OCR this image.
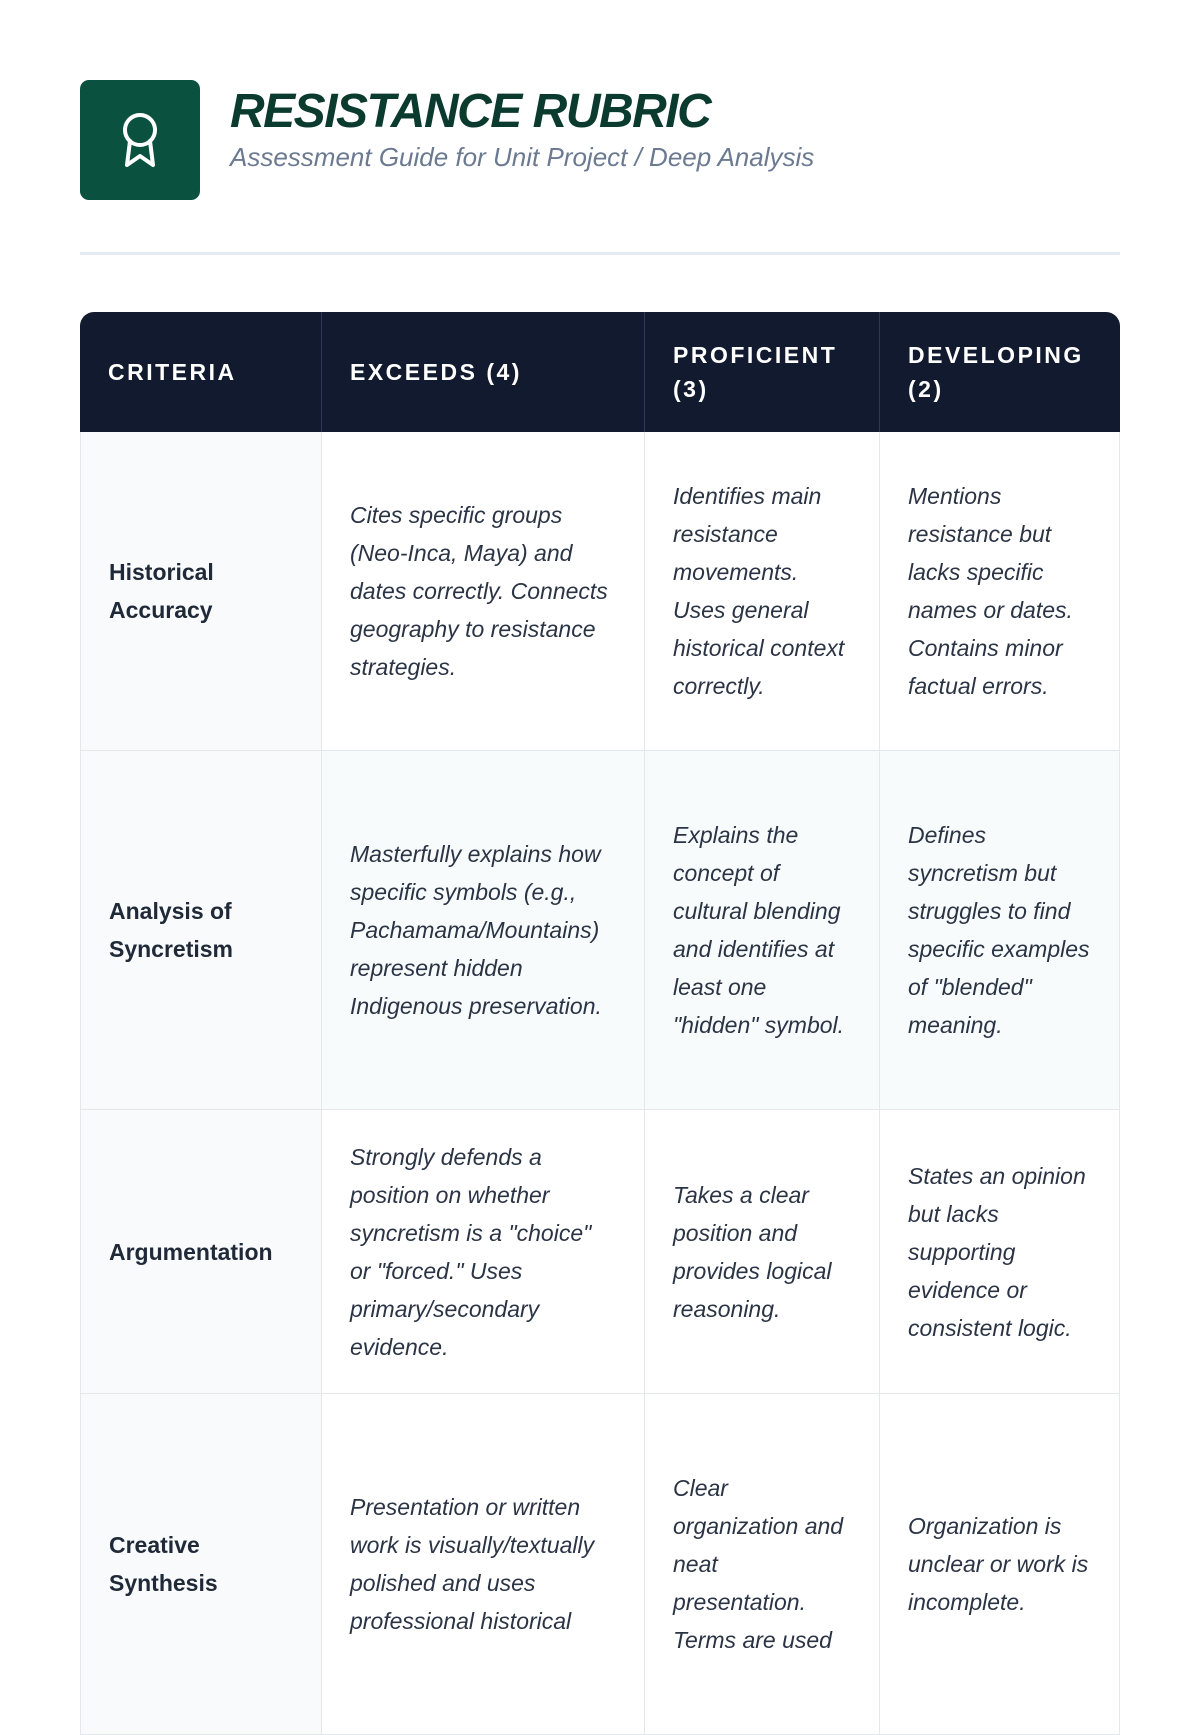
RESISTANCE RUBRIC

Assessment Guide for Unit Project / Deep Analysis

CRITERIA	EXCEEDS (4)	PROFICIENT (3)	DEVELOPING (2)
Historical Accuracy	Cites specific groups (Neo-Inca, Maya) and dates correctly. Connects geography to resistance strategies.	Identifies main resistance movements. Uses general historical context correctly.	Mentions resistance but lacks specific names or dates. Contains minor factual errors.
Analysis of Syncretism	Masterfully explains how specific symbols (e.g., Pachamama/Mountains) represent hidden Indigenous preservation.	Explains the concept of cultural blending and identifies at least one "hidden" symbol.	Defines syncretism but struggles to find specific examples of "blended" meaning.
Argumentation	Strongly defends a position on whether syncretism is a "choice" or "forced." Uses primary/secondary evidence.	Takes a clear position and provides logical reasoning.	States an opinion but lacks supporting evidence or consistent logic.
Creative Synthesis	Presentation or written work is visually/textually polished and uses professional historical	Clear organization and neat presentation. Terms are used	Organization is unclear or work is incomplete.
